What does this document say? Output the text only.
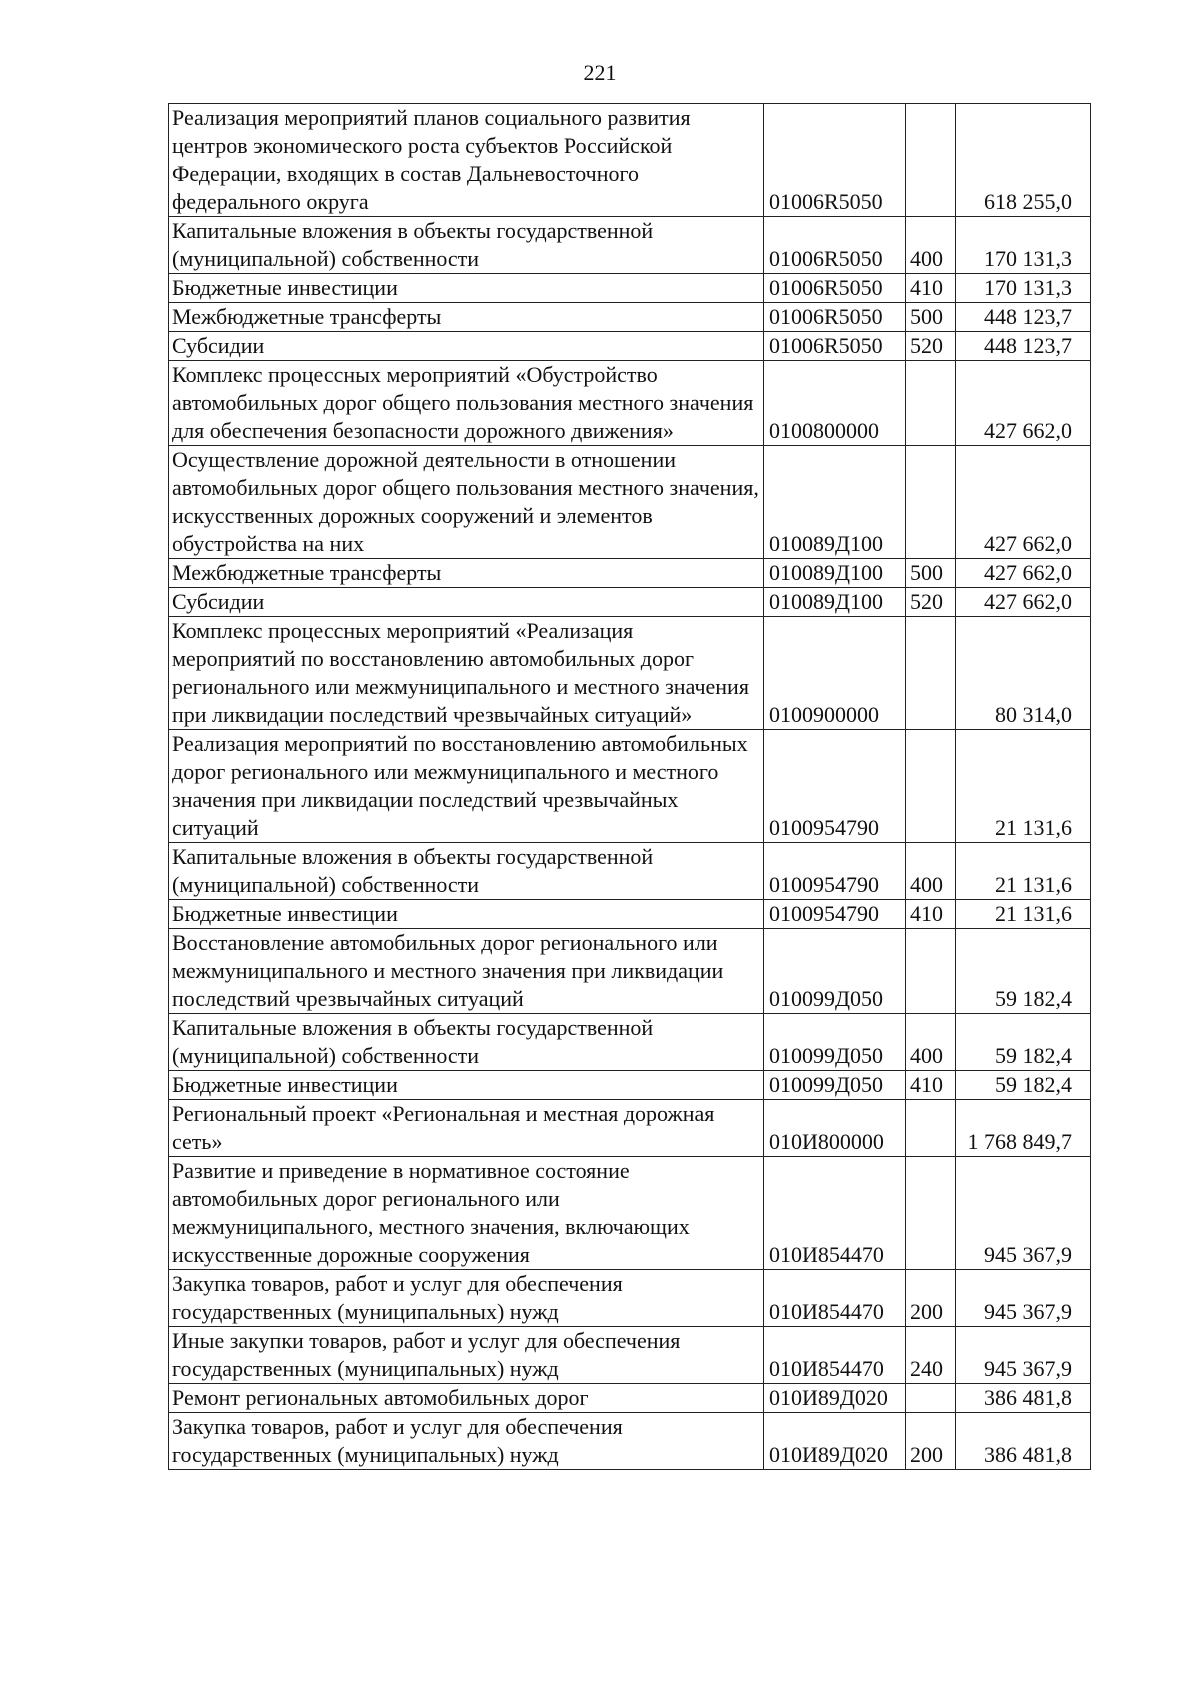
221
Реализация мероприятий планов социального развития центров экономического роста субъектов Российской Федерации, входящих в состав Дальневосточного федерального округа	01006R5050		618 255,0
Капитальные вложения в объекты государственной (муниципальной) собственности	01006R5050	400	170 131,3
Бюджетные инвестиции	01006R5050	410	170 131,3
Межбюджетные трансферты	01006R5050	500	448 123,7
Субсидии	01006R5050	520	448 123,7
Комплекс процессных мероприятий «Обустройство автомобильных дорог общего пользования местного значения для обеспечения безопасности дорожного движения»	0100800000		427 662,0
Осуществление дорожной деятельности в отношении автомобильных дорог общего пользования местного значения, искусственных дорожных сооружений и элементов обустройства на них	010089Д100		427 662,0
Межбюджетные трансферты	010089Д100	500	427 662,0
Субсидии	010089Д100	520	427 662,0
Комплекс процессных мероприятий «Реализация мероприятий по восстановлению автомобильных дорог регионального или межмуниципального и местного значения при ликвидации последствий чрезвычайных ситуаций»	0100900000		80 314,0
Реализация мероприятий по восстановлению автомобильных дорог регионального или межмуниципального и местного значения при ликвидации последствий чрезвычайных ситуаций	0100954790		21 131,6
Капитальные вложения в объекты государственной (муниципальной) собственности	0100954790	400	21 131,6
Бюджетные инвестиции	0100954790	410	21 131,6
Восстановление автомобильных дорог регионального или межмуниципального и местного значения при ликвидации последствий чрезвычайных ситуаций	010099Д050		59 182,4
Капитальные вложения в объекты государственной (муниципальной) собственности	010099Д050	400	59 182,4
Бюджетные инвестиции	010099Д050	410	59 182,4
Региональный проект «Региональная и местная дорожная сеть»	010И800000		1 768 849,7
Развитие и приведение в нормативное состояние автомобильных дорог регионального или межмуниципального, местного значения, включающих искусственные дорожные сооружения	010И854470		945 367,9
Закупка товаров, работ и услуг для обеспечения государственных (муниципальных) нужд	010И854470	200	945 367,9
Иные закупки товаров, работ и услуг для обеспечения государственных (муниципальных) нужд	010И854470	240	945 367,9
Ремонт региональных автомобильных дорог	010И89Д020		386 481,8
Закупка товаров, работ и услуг для обеспечения государственных (муниципальных) нужд	010И89Д020	200	386 481,8
